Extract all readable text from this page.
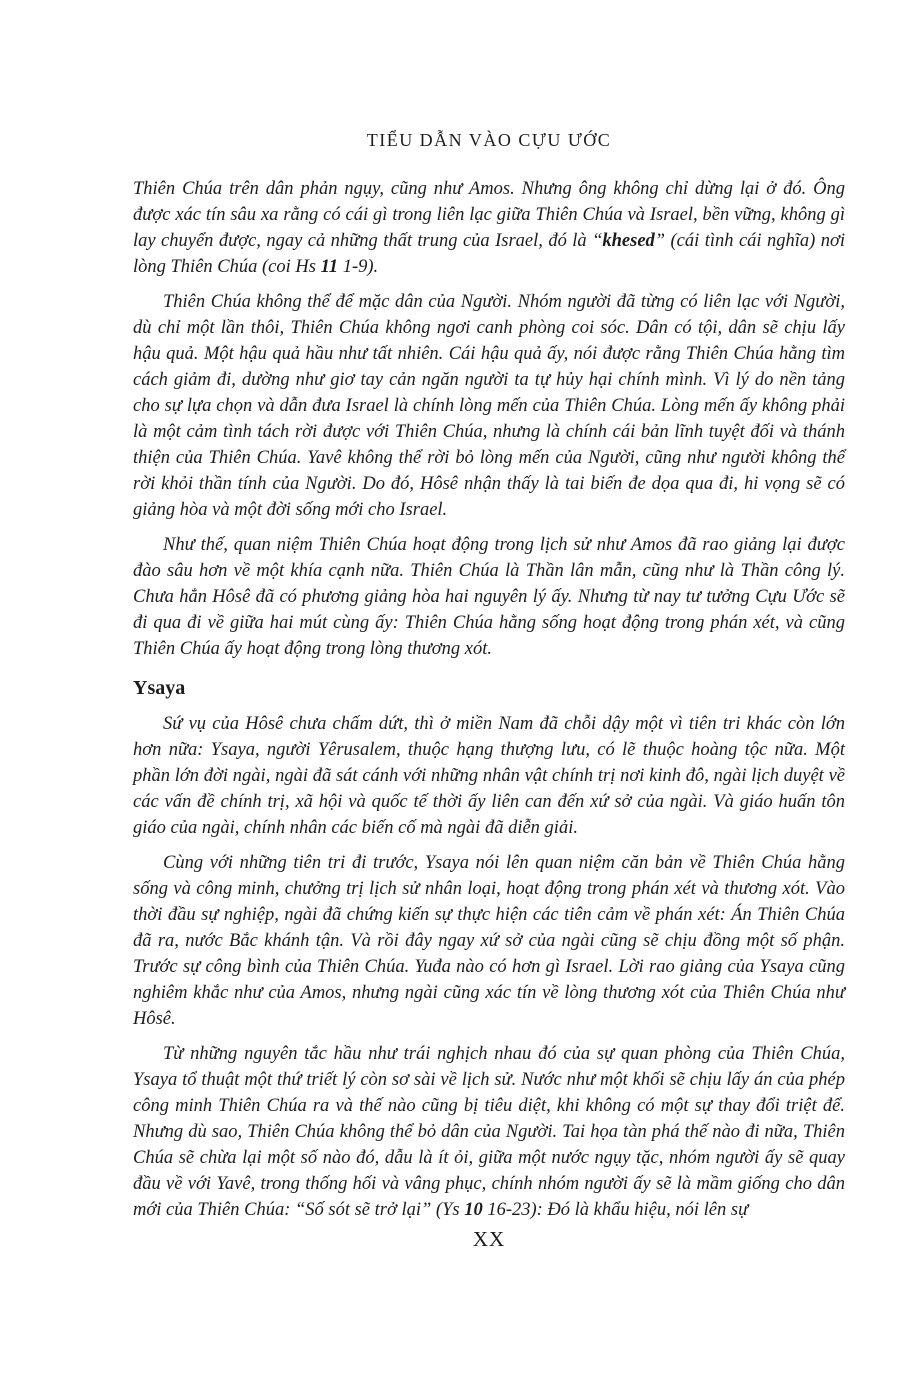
TIỂU DẪN VÀO CỰU ƯỚC

Thiên Chúa trên dân phản ngụy, cũng như Amos. Nhưng ông không chỉ dừng lại ở đó. Ông được xác tín sâu xa rằng có cái gì trong liên lạc giữa Thiên Chúa và Israel, bền vững, không gì lay chuyển được, ngay cả những thất trung của Israel, đó là “khesed” (cái tình cái nghĩa) nơi lòng Thiên Chúa (coi Hs 11 1-9).

Thiên Chúa không thể để mặc dân của Người. Nhóm người đã từng có liên lạc với Người, dù chỉ một lần thôi, Thiên Chúa không ngơi canh phòng coi sóc. Dân có tội, dân sẽ chịu lấy hậu quả. Một hậu quả hầu như tất nhiên. Cái hậu quả ấy, nói được rằng Thiên Chúa hằng tìm cách giảm đi, dường như giơ tay cản ngăn người ta tự hủy hại chính mình. Vì lý do nền tảng cho sự lựa chọn và dẫn đưa Israel là chính lòng mến của Thiên Chúa. Lòng mến ấy không phải là một cảm tình tách rời được với Thiên Chúa, nhưng là chính cái bản lĩnh tuyệt đối và thánh thiện của Thiên Chúa. Yavê không thể rời bỏ lòng mến của Người, cũng như người không thể rời khỏi thần tính của Người. Do đó, Hôsê nhận thấy là tai biến đe dọa qua đi, hi vọng sẽ có giảng hòa và một đời sống mới cho Israel.

Như thế, quan niệm Thiên Chúa hoạt động trong lịch sử như Amos đã rao giảng lại được đào sâu hơn về một khía cạnh nữa. Thiên Chúa là Thần lân mẫn, cũng như là Thần công lý. Chưa hẳn Hôsê đã có phương giảng hòa hai nguyên lý ấy. Nhưng từ nay tư tưởng Cựu Ước sẽ đi qua đi về giữa hai mút cùng ấy: Thiên Chúa hằng sống hoạt động trong phán xét, và cũng Thiên Chúa ấy hoạt động trong lòng thương xót.

Ysaya

Sứ vụ của Hôsê chưa chấm dứt, thì ở miền Nam đã chỗi dậy một vì tiên tri khác còn lớn hơn nữa: Ysaya, người Yêrusalem, thuộc hạng thượng lưu, có lẽ thuộc hoàng tộc nữa. Một phần lớn đời ngài, ngài đã sát cánh với những nhân vật chính trị nơi kinh đô, ngài lịch duyệt về các vấn đề chính trị, xã hội và quốc tế thời ấy liên can đến xứ sở của ngài. Và giáo huấn tôn giáo của ngài, chính nhân các biến cố mà ngài đã diễn giải.

Cùng với những tiên tri đi trước, Ysaya nói lên quan niệm căn bản về Thiên Chúa hằng sống và công minh, chưởng trị lịch sử nhân loại, hoạt động trong phán xét và thương xót. Vào thời đầu sự nghiệp, ngài đã chứng kiến sự thực hiện các tiên cảm về phán xét: Án Thiên Chúa đã ra, nước Bắc khánh tận. Và rồi đây ngay xứ sở của ngài cũng sẽ chịu đồng một số phận. Trước sự công bình của Thiên Chúa. Yuđa nào có hơn gì Israel. Lời rao giảng của Ysaya cũng nghiêm khắc như của Amos, nhưng ngài cũng xác tín về lòng thương xót của Thiên Chúa như Hôsê.

Từ những nguyên tắc hầu như trái nghịch nhau đó của sự quan phòng của Thiên Chúa, Ysaya tổ thuật một thứ triết lý còn sơ sài về lịch sử. Nước như một khối sẽ chịu lấy án của phép công minh Thiên Chúa ra và thế nào cũng bị tiêu diệt, khi không có một sự thay đổi triệt để. Nhưng dù sao, Thiên Chúa không thể bỏ dân của Người. Tai họa tàn phá thế nào đi nữa, Thiên Chúa sẽ chừa lại một số nào đó, dẫu là ít ỏi, giữa một nước ngụy tặc, nhóm người ấy sẽ quay đầu về với Yavê, trong thống hối và vâng phục, chính nhóm người ấy sẽ là mầm giống cho dân mới của Thiên Chúa: “Số sót sẽ trở lại” (Ys 10 16-23): Đó là khẩu hiệu, nói lên sự

XX
